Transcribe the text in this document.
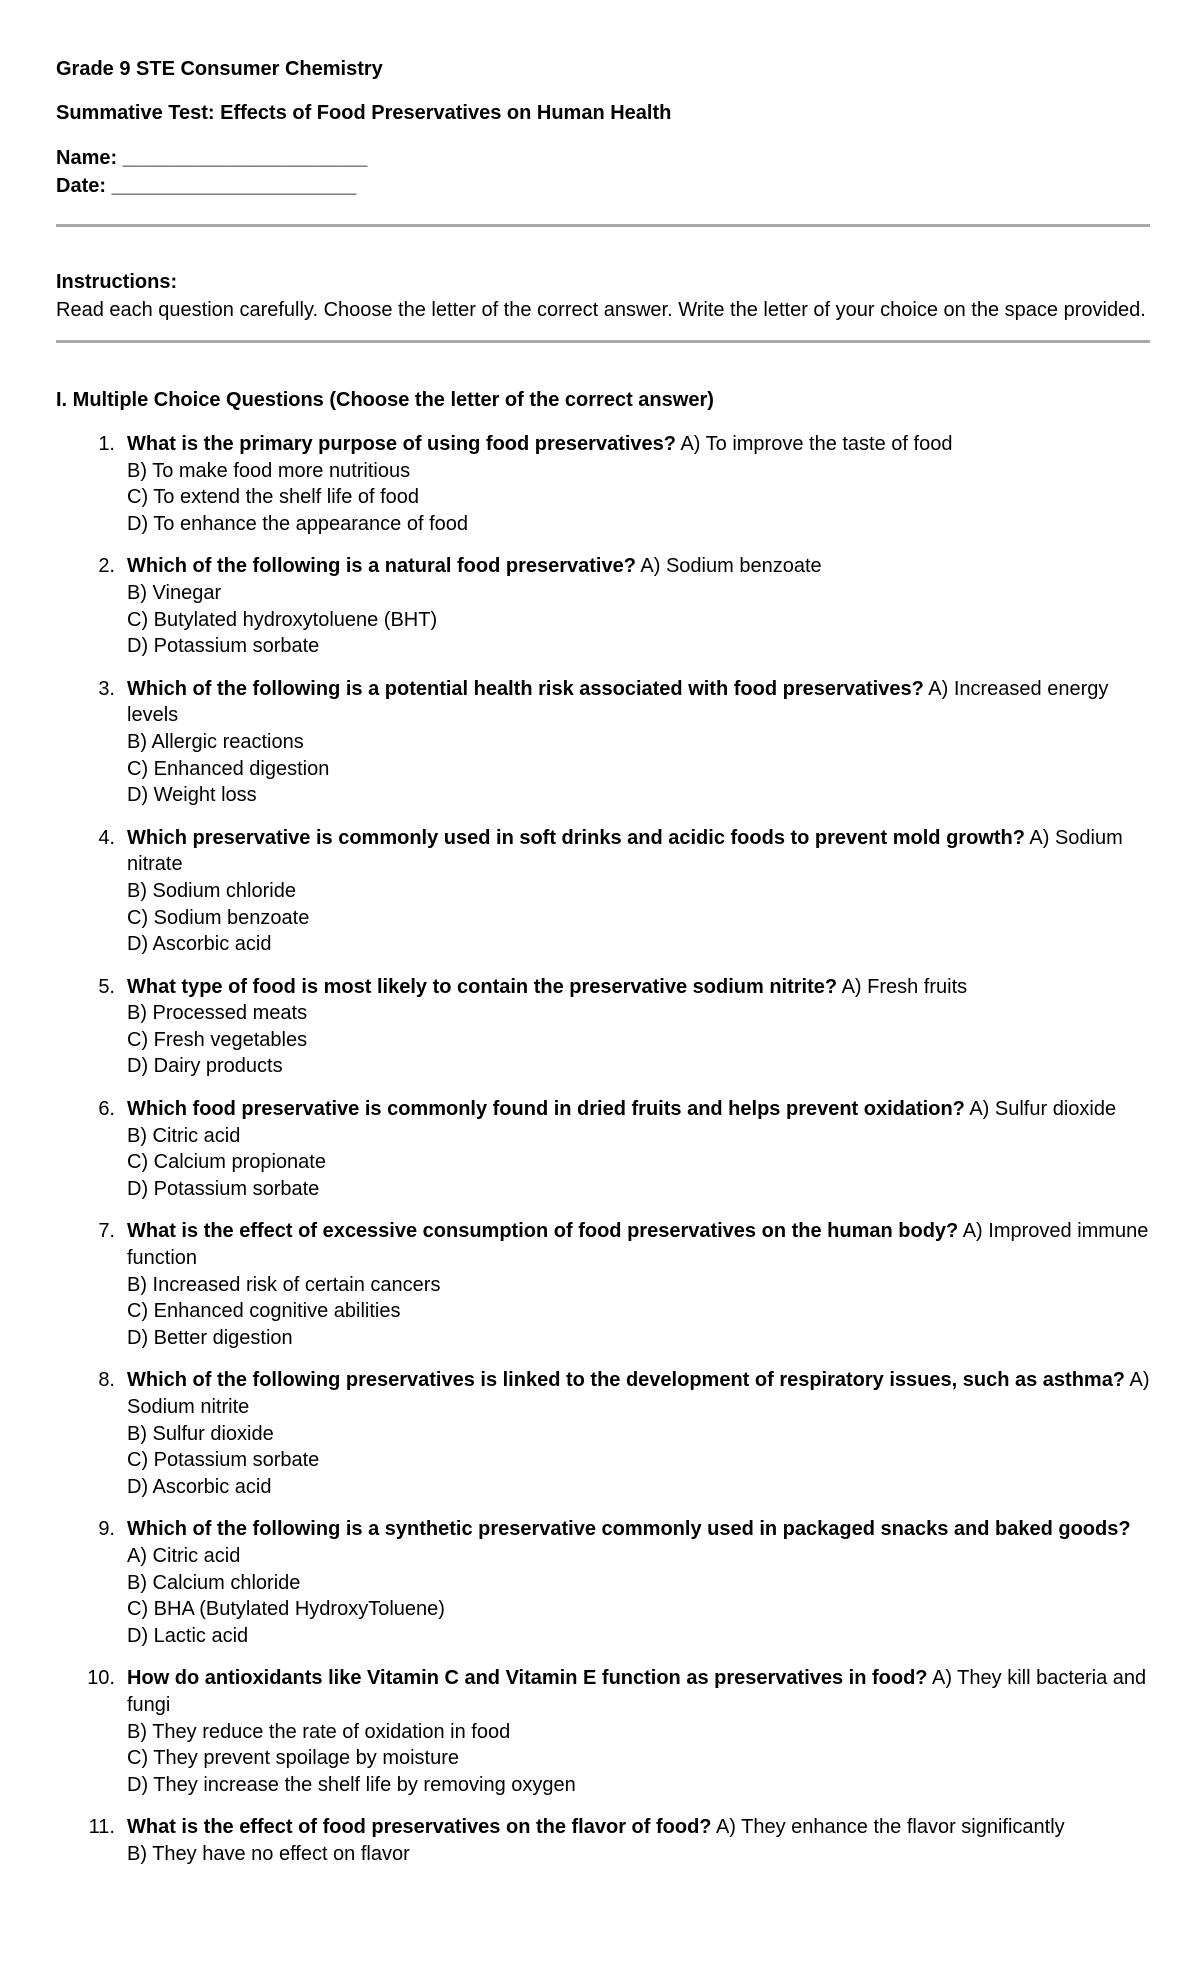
Grade 9 STE Consumer Chemistry

Summative Test: Effects of Food Preservatives on Human Health

Name: ______________________

Date: ______________________

Instructions:

Read each question carefully. Choose the letter of the correct answer. Write the letter of your choice on the space provided.

I. Multiple Choice Questions (Choose the letter of the correct answer)

1. What is the primary purpose of using food preservatives? A) To improve the taste of food
B) To make food more nutritious
C) To extend the shelf life of food
D) To enhance the appearance of food
2. Which of the following is a natural food preservative? A) Sodium benzoate
B) Vinegar
C) Butylated hydroxytoluene (BHT)
D) Potassium sorbate
3. Which of the following is a potential health risk associated with food preservatives? A) Increased energy levels
B) Allergic reactions
C) Enhanced digestion
D) Weight loss
4. Which preservative is commonly used in soft drinks and acidic foods to prevent mold growth? A) Sodium nitrate
B) Sodium chloride
C) Sodium benzoate
D) Ascorbic acid
5. What type of food is most likely to contain the preservative sodium nitrite? A) Fresh fruits
B) Processed meats
C) Fresh vegetables
D) Dairy products
6. Which food preservative is commonly found in dried fruits and helps prevent oxidation? A) Sulfur dioxide
B) Citric acid
C) Calcium propionate
D) Potassium sorbate
7. What is the effect of excessive consumption of food preservatives on the human body? A) Improved immune function
B) Increased risk of certain cancers
C) Enhanced cognitive abilities
D) Better digestion
8. Which of the following preservatives is linked to the development of respiratory issues, such as asthma? A) Sodium nitrite
B) Sulfur dioxide
C) Potassium sorbate
D) Ascorbic acid
9. Which of the following is a synthetic preservative commonly used in packaged snacks and baked goods? A) Citric acid
B) Calcium chloride
C) BHA (Butylated HydroxyToluene)
D) Lactic acid
10. How do antioxidants like Vitamin C and Vitamin E function as preservatives in food? A) They kill bacteria and fungi
B) They reduce the rate of oxidation in food
C) They prevent spoilage by moisture
D) They increase the shelf life by removing oxygen
11. What is the effect of food preservatives on the flavor of food? A) They enhance the flavor significantly
B) They have no effect on flavor
